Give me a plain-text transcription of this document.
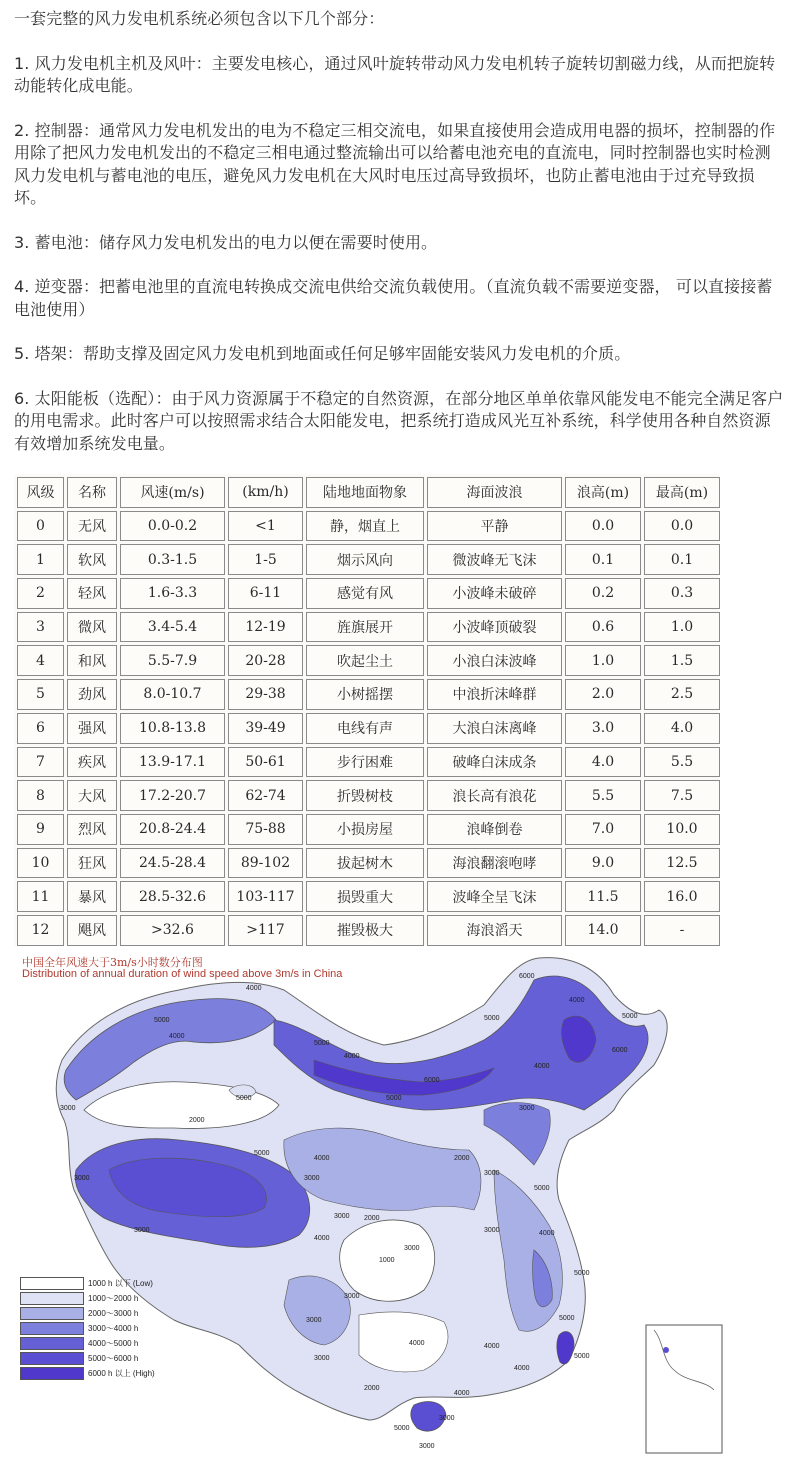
一套完整的风力发电机系统必须包含以下几个部分：

1. 风力发电机主机及风叶：主要发电核心，通过风叶旋转带动风力发电机转子旋转切割磁力线，从而把旋转动能转化成电能。

2. 控制器：通常风力发电机发出的电为不稳定三相交流电，如果直接使用会造成用电器的损坏，控制器的作用除了把风力发电机发出的不稳定三相电通过整流输出可以给蓄电池充电的直流电，同时控制器也实时检测风力发电机与蓄电池的电压，避免风力发电机在大风时电压过高导致损坏，也防止蓄电池由于过充导致损坏。

3. 蓄电池：储存风力发电机发出的电力以便在需要时使用。

4. 逆变器：把蓄电池里的直流电转换成交流电供给交流负载使用。（直流负载不需要逆变器， 可以直接接蓄电池使用）

5. 塔架：帮助支撑及固定风力发电机到地面或任何足够牢固能安装风力发电机的介质。

6. 太阳能板（选配）：由于风力资源属于不稳定的自然资源，在部分地区单单依靠风能发电不能完全满足客户的用电需求。此时客户可以按照需求结合太阳能发电，把系统打造成风光互补系统，科学使用各种自然资源有效增加系统发电量。

风级	名称	风速(m/s)	(km/h)	陆地地面物象	海面波浪	浪高(m)	最高(m)
0	无风	0.0-0.2	<1	静，烟直上	平静	0.0	0.0
1	软风	0.3-1.5	1-5	烟示风向	微波峰无飞沫	0.1	0.1
2	轻风	1.6-3.3	6-11	感觉有风	小波峰未破碎	0.2	0.3
3	微风	3.4-5.4	12-19	旌旗展开	小波峰顶破裂	0.6	1.0
4	和风	5.5-7.9	20-28	吹起尘土	小浪白沫波峰	1.0	1.5
5	劲风	8.0-10.7	29-38	小树摇摆	中浪折沫峰群	2.0	2.5
6	强风	10.8-13.8	39-49	电线有声	大浪白沫离峰	3.0	4.0
7	疾风	13.9-17.1	50-61	步行困难	破峰白沫成条	4.0	5.5
8	大风	17.2-20.7	62-74	折毁树枝	浪长高有浪花	5.5	7.5
9	烈风	20.8-24.4	75-88	小损房屋	浪峰倒卷	7.0	10.0
10	狂风	24.5-28.4	89-102	拔起树木	海浪翻滚咆哮	9.0	12.5
11	暴风	28.5-32.6	103-117	损毁重大	波峰全呈飞沫	11.5	16.0
12	飓风	>32.6	>117	摧毁极大	海浪滔天	14.0	-
4000
5000
4000
3000
2000
3000
5000
3000
5000
4000
5000
6000
4000
5000
6000
6000
5000
4000
3000
2000
3000
4000
3000
5000
2000
1000
3000
4000
3000
5000
4000
3000
5000
3000
4000	4000
5000
3000
5000
4000
5000
4000
3000
2000
3000
3000
中国全年风速大于3m/s小时数分布图
Distribution of annual duration of wind speed above 3m/s in China
1000 h 以下 (Low)
1000～2000 h
2000～3000 h
3000～4000 h
4000～5000 h
5000～6000 h
6000 h 以上 (High)
